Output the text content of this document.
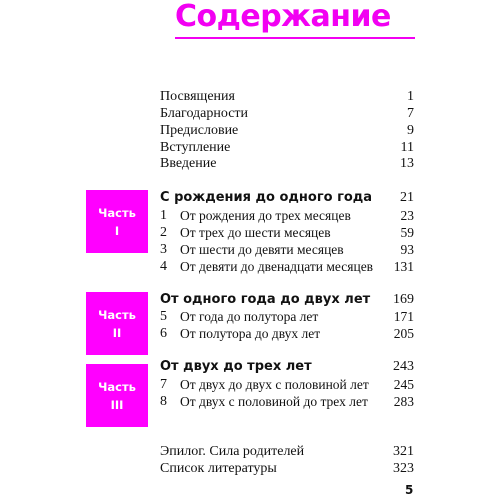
Содержание
Посвящения	1
Благодарности	7
Предисловие	9
Вступление	11
Введение	13
Часть
I
С рождения до одного года 21
1 От рождения до трех месяцев	23
2 От трех до шести месяцев	59
3 От шести до девяти месяцев	93
4 От девяти до двенадцати месяцев 131
Часть
II
От одного года до двух лет 169
5 От года до полутора лет	171
6 От полутора до двух лет	205
Часть
III
От двух до трех лет	243
7 От двух до двух с половиной лет 245
8 От двух с половиной до трех лет 283
Эпилог. Сила родителей	321
Список литературы	323
5
